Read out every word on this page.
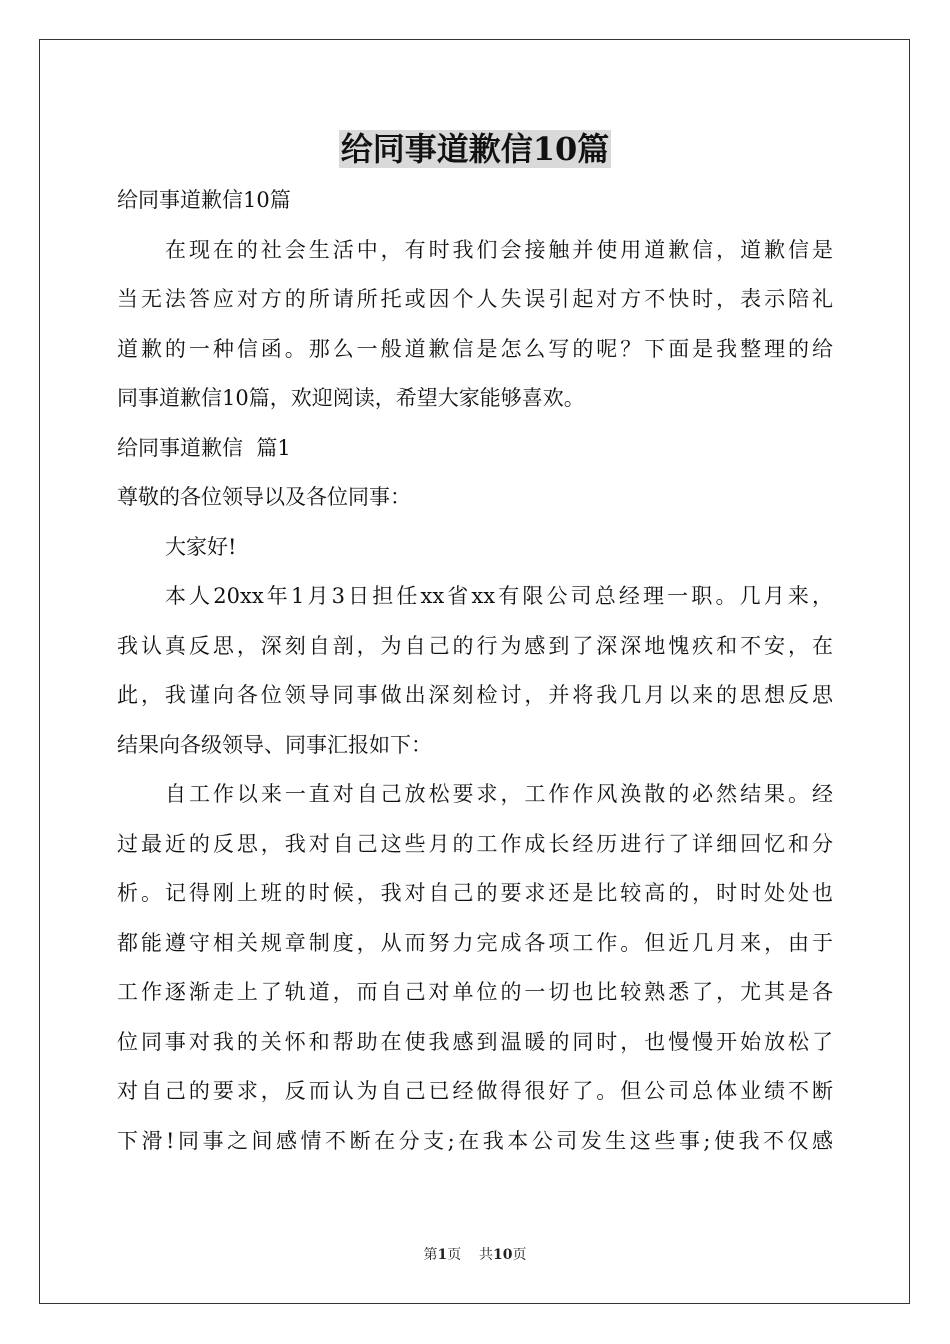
给同事道歉信10篇

给同事道歉信10篇

在现在的社会生活中，有时我们会接触并使用道歉信，道歉信是

当无法答应对方的所请所托或因个人失误引起对方不快时，表示陪礼

道歉的一种信函。那么一般道歉信是怎么写的呢？下面是我整理的给

同事道歉信10篇，欢迎阅读，希望大家能够喜欢。

给同事道歉信  篇1

尊敬的各位领导以及各位同事：

大家好!

本人20xx年1月3日担任xx省xx有限公司总经理一职。几月来，

我认真反思，深刻自剖，为自己的行为感到了深深地愧疚和不安，在

此，我谨向各位领导同事做出深刻检讨，并将我几月以来的思想反思

结果向各级领导、同事汇报如下：

自工作以来一直对自己放松要求，工作作风涣散的必然结果。经

过最近的反思，我对自己这些月的工作成长经历进行了详细回忆和分

析。记得刚上班的时候，我对自己的要求还是比较高的，时时处处也

都能遵守相关规章制度，从而努力完成各项工作。但近几月来，由于

工作逐渐走上了轨道，而自己对单位的一切也比较熟悉了，尤其是各

位同事对我的关怀和帮助在使我感到温暖的同时，也慢慢开始放松了

对自己的要求，反而认为自己已经做得很好了。但公司总体业绩不断

下滑!同事之间感情不断在分支;在我本公司发生这些事;使我不仅感

第1页    共10页
